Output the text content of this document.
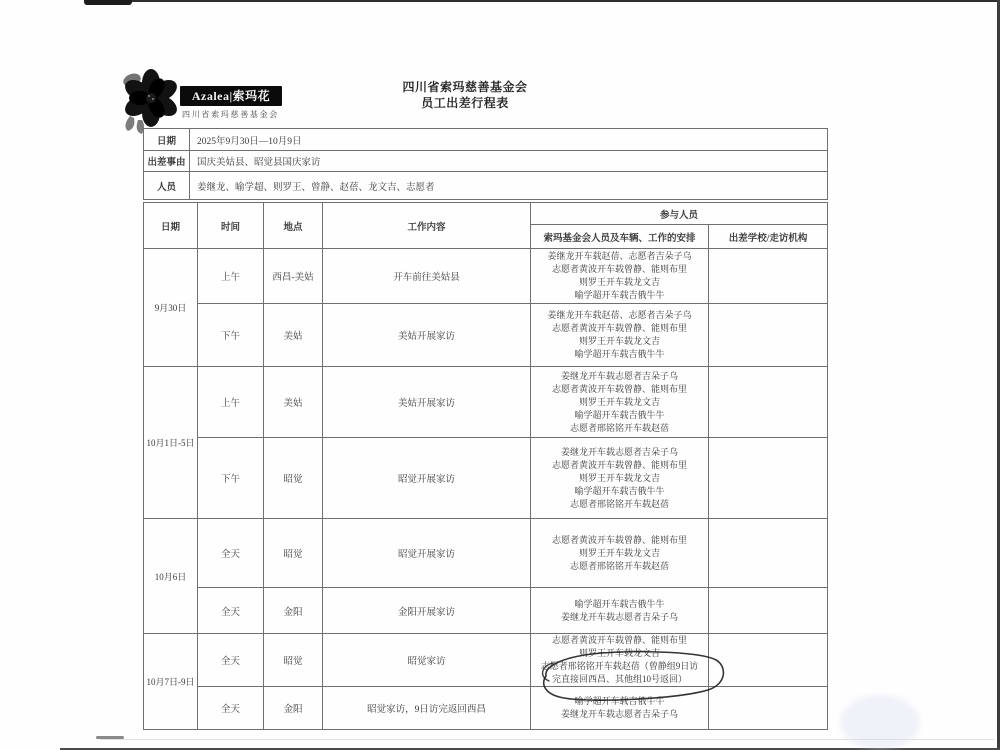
Azalea|索玛花
四川省索玛慈善基金会
四川省索玛慈善基金会
员工出差行程表
日期	2025年9月30日—10月9日
出差事由	国庆美姑县、昭觉县国庆家访
人员	姜继龙、喻学超、则罗王、曾静、赵蓓、龙文吉、志愿者
日期	时间	地点	工作内容	参与人员	
				索玛基金会人员及车辆、工作的安排	出差学校/走访机构
9月30日	上午	西昌-美姑	开车前往美姑县	姜继龙开车载赵蓓、志愿者吉朵子乌
志愿者黄波开车载曾静、能则布里
则罗王开车载龙文吉
喻学超开车载吉俄牛牛	

	下午	美姑	美姑开展家访	姜继龙开车载赵蓓、志愿者吉朵子乌
志愿者黄波开车载曾静、能则布里
则罗王开车载龙文吉
喻学超开车载吉俄牛牛	

10月1日-5日	上午	美姑	美姑开展家访	姜继龙开车载志愿者吉朵子乌
志愿者黄波开车载曾静、能则布里
则罗王开车载龙文吉
喻学超开车载吉俄牛牛
志愿者邢铭铭开车载赵蓓	

	下午	昭觉	昭觉开展家访	姜继龙开车载志愿者吉朵子乌
志愿者黄波开车载曾静、能则布里
则罗王开车载龙文吉
喻学超开车载吉俄牛牛
志愿者邢铭铭开车载赵蓓	

10月6日	全天	昭觉	昭觉开展家访	志愿者黄波开车载曾静、能则布里
则罗王开车载龙文吉
志愿者邢铭铭开车载赵蓓	

	全天	金阳	金阳开展家访	喻学超开车载吉俄牛牛
姜继龙开车载志愿者吉朵子乌	

10月7日-9日	全天	昭觉	昭觉家访	志愿者黄波开车载曾静、能则布里
则罗王开车载龙文吉
志愿者邢铭铭开车载赵蓓（曾静组9日访
完直接回西昌、其他组10号返回）	

	全天	金阳	昭觉家访，9日访完返回西昌	喻学超开车载吉俄牛牛
姜继龙开车载志愿者吉朵子乌	
